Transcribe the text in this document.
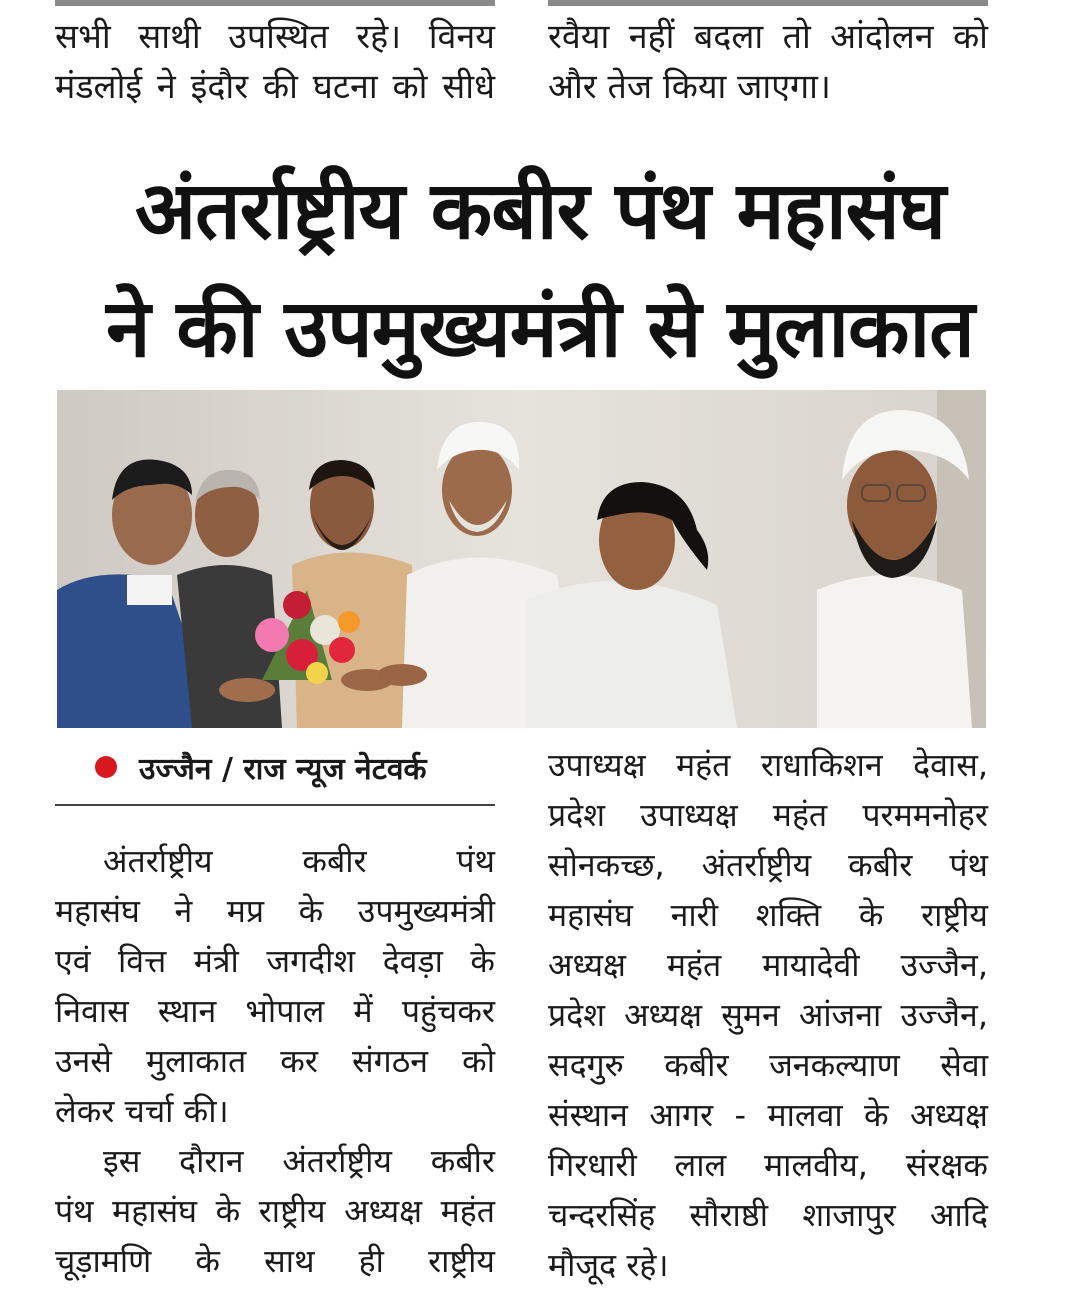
सभी साथी उपस्थित रहे। विनय
मंडलोई ने इंदौर की घटना को सीधे
रवैया नहीं बदला तो आंदोलन को
और तेज किया जाएगा।
अंतर्राष्ट्रीय कबीर पंथ महासंघ
ने की उपमुख्यमंत्री से मुलाकात
उज्जैन / राज न्यूज नेटवर्क
अंतर्राष्ट्रीय कबीर पंथ
महासंघ ने मप्र के उपमुख्यमंत्री
एवं वित्त मंत्री जगदीश देवड़ा के
निवास स्थान भोपाल में पहुंचकर
उनसे मुलाकात कर संगठन को
लेकर चर्चा की।
इस दौरान अंतर्राष्ट्रीय कबीर
पंथ महासंघ के राष्ट्रीय अध्यक्ष महंत
चूड़ामणि के साथ ही राष्ट्रीय
उपाध्यक्ष महंत राधाकिशन देवास,
प्रदेश उपाध्यक्ष महंत परममनोहर
सोनकच्छ, अंतर्राष्ट्रीय कबीर पंथ
महासंघ नारी शक्ति के राष्ट्रीय
अध्यक्ष महंत मायादेवी उज्जैन,
प्रदेश अध्यक्ष सुमन आंजना उज्जैन,
सदगुरु कबीर जनकल्याण सेवा
संस्थान आगर - मालवा के अध्यक्ष
गिरधारी लाल मालवीय, संरक्षक
चन्दरसिंह सौराष्ठी शाजापुर आदि
मौजूद रहे।
